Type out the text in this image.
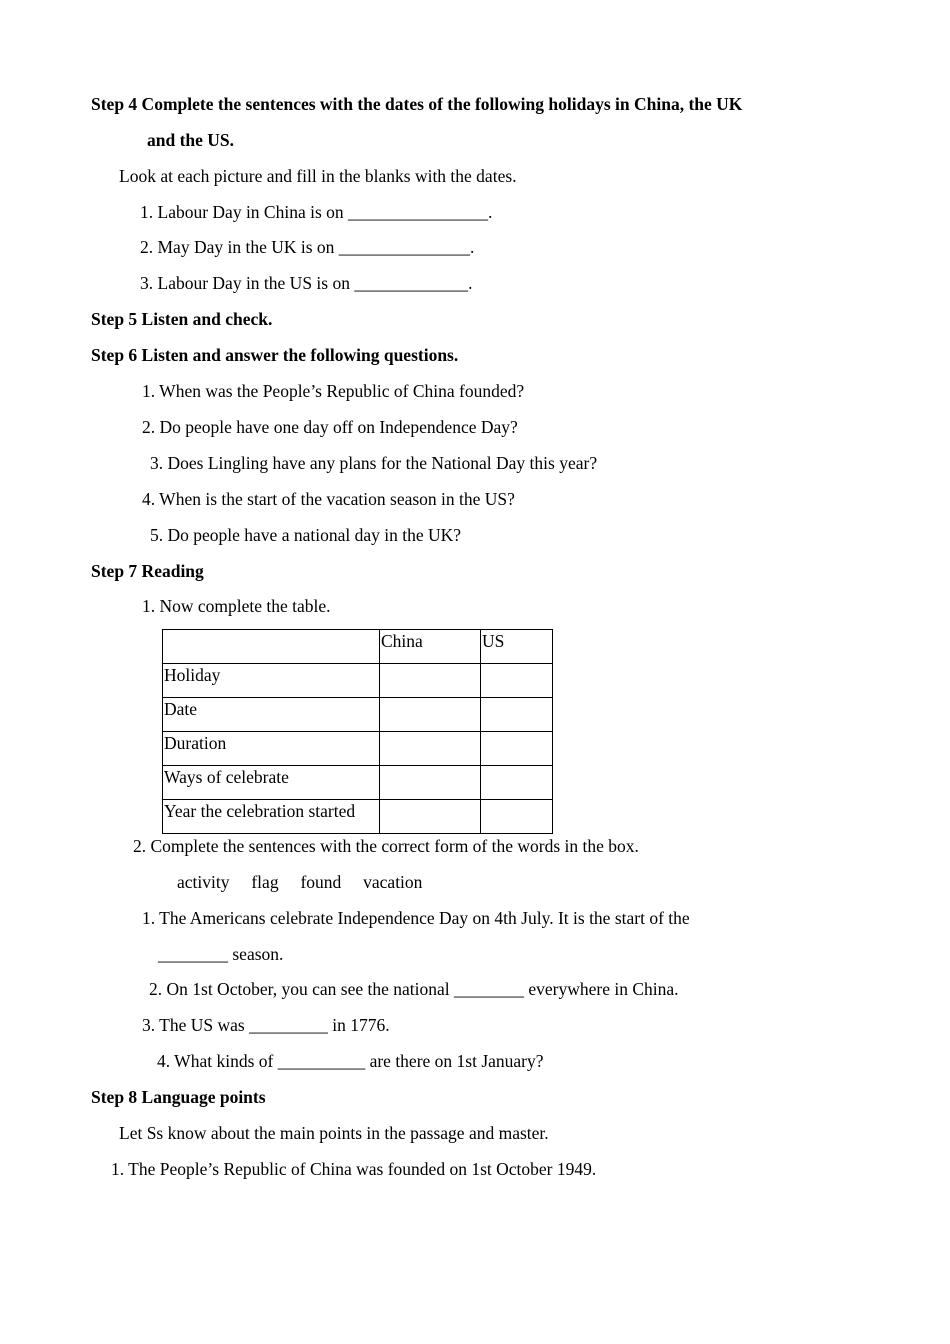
Step 4 Complete the sentences with the dates of the following holidays in China, the UK
and the US.
Look at each picture and fill in the blanks with the dates.
1. Labour Day in China is on ________________.
2. May Day in the UK is on _______________.
3. Labour Day in the US is on _____________.
Step 5 Listen and check.
Step 6 Listen and answer the following questions.
1. When was the People’s Republic of China founded?
2. Do people have one day off on Independence Day?
3. Does Lingling have any plans for the National Day this year?
4. When is the start of the vacation season in the US?
5. Do people have a national day in the UK?
Step 7 Reading
1. Now complete the table.
	China	US
Holiday		
Date		
Duration		
Ways of celebrate		
Year the celebration started		
2. Complete the sentences with the correct form of the words in the box.
activity     flag     found     vacation
1. The Americans celebrate Independence Day on 4th July. It is the start of the
________ season.
2. On 1st October, you can see the national ________ everywhere in China.
3. The US was _________ in 1776.
4. What kinds of __________ are there on 1st January?
Step 8 Language points
Let Ss know about the main points in the passage and master.
1. The People’s Republic of China was founded on 1st October 1949.
